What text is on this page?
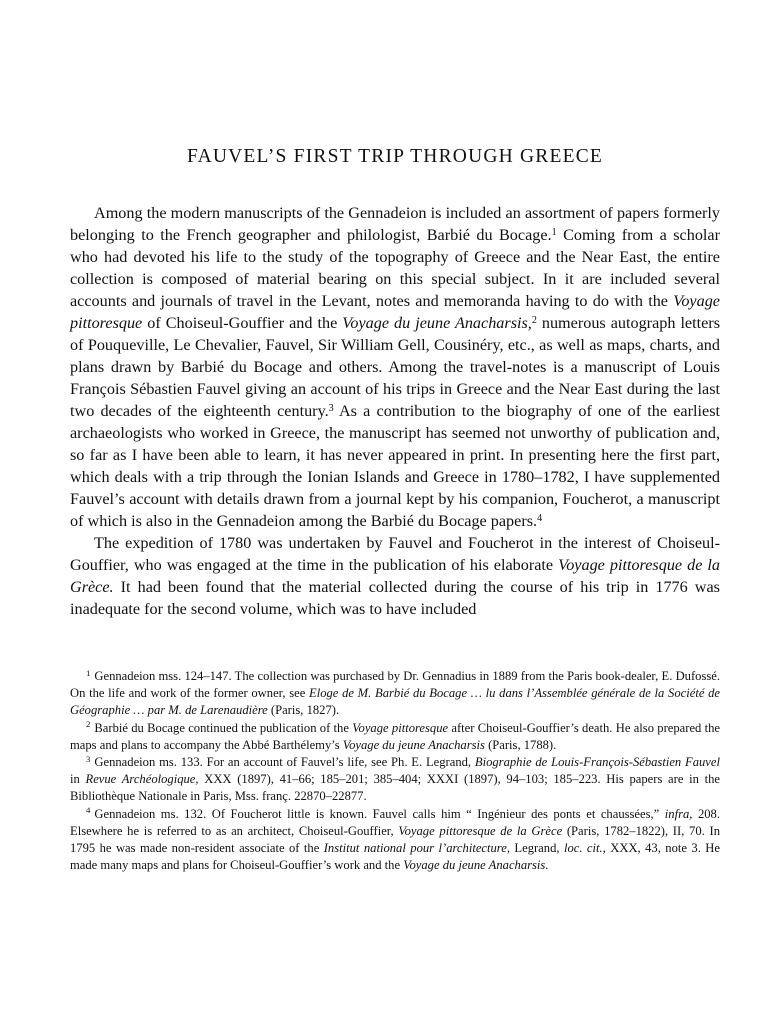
FAUVEL’S FIRST TRIP THROUGH GREECE

Among the modern manuscripts of the Gennadeion is included an assortment of papers formerly belonging to the French geographer and philologist, Barbié du Bocage.$^1$ Coming from a scholar who had devoted his life to the study of the topography of Greece and the Near East, the entire collection is composed of material bearing on this special subject. In it are included several accounts and journals of travel in the Levant, notes and memoranda having to do with the Voyage pittoresque of Choiseul-Gouffier and the Voyage du jeune Anacharsis,$^2$ numerous autograph letters of Pouqueville, Le Chevalier, Fauvel, Sir William Gell, Cousinéry, etc., as well as maps, charts, and plans drawn by Barbié du Bocage and others. Among the travel-notes is a manuscript of Louis François Sébastien Fauvel giving an account of his trips in Greece and the Near East during the last two decades of the eighteenth century.$^3$ As a contribution to the biography of one of the earliest archaeologists who worked in Greece, the manuscript has seemed not unworthy of publication and, so far as I have been able to learn, it has never appeared in print. In presenting here the first part, which deals with a trip through the Ionian Islands and Greece in 1780–1782, I have supplemented Fauvel’s account with details drawn from a journal kept by his companion, Foucherot, a manuscript of which is also in the Gennadeion among the Barbié du Bocage papers.$^4$

The expedition of 1780 was undertaken by Fauvel and Foucherot in the interest of Choiseul-Gouffier, who was engaged at the time in the publication of his elaborate Voyage pittoresque de la Grèce. It had been found that the material collected during the course of his trip in 1776 was inadequate for the second volume, which was to have included

$^1$ Gennadeion mss. 124–147. The collection was purchased by Dr. Gennadius in 1889 from the Paris book-dealer, E. Dufossé. On the life and work of the former owner, see Eloge de M. Barbié du Bocage … lu dans l’Assemblée générale de la Société de Géographie … par M. de Larenaudière (Paris, 1827).

$^2$ Barbié du Bocage continued the publication of the Voyage pittoresque after Choiseul-Gouffier’s death. He also prepared the maps and plans to accompany the Abbé Barthélemy’s Voyage du jeune Anacharsis (Paris, 1788).

$^3$ Gennadeion ms. 133. For an account of Fauvel’s life, see Ph. E. Legrand, Biographie de Louis-François-Sébastien Fauvel in Revue Archéologique, XXX (1897), 41–66; 185–201; 385–404; XXXI (1897), 94–103; 185–223. His papers are in the Bibliothèque Nationale in Paris, Mss. franç. 22870–22877.

$^4$ Gennadeion ms. 132. Of Foucherot little is known. Fauvel calls him “ Ingénieur des ponts et chaussées,” infra, 208. Elsewhere he is referred to as an architect, Choiseul-Gouffier, Voyage pittoresque de la Grèce (Paris, 1782–1822), II, 70. In 1795 he was made non-resident associate of the Institut national pour l’architecture, Legrand, loc. cit., XXX, 43, note 3. He made many maps and plans for Choiseul-Gouffier’s work and the Voyage du jeune Anacharsis.
